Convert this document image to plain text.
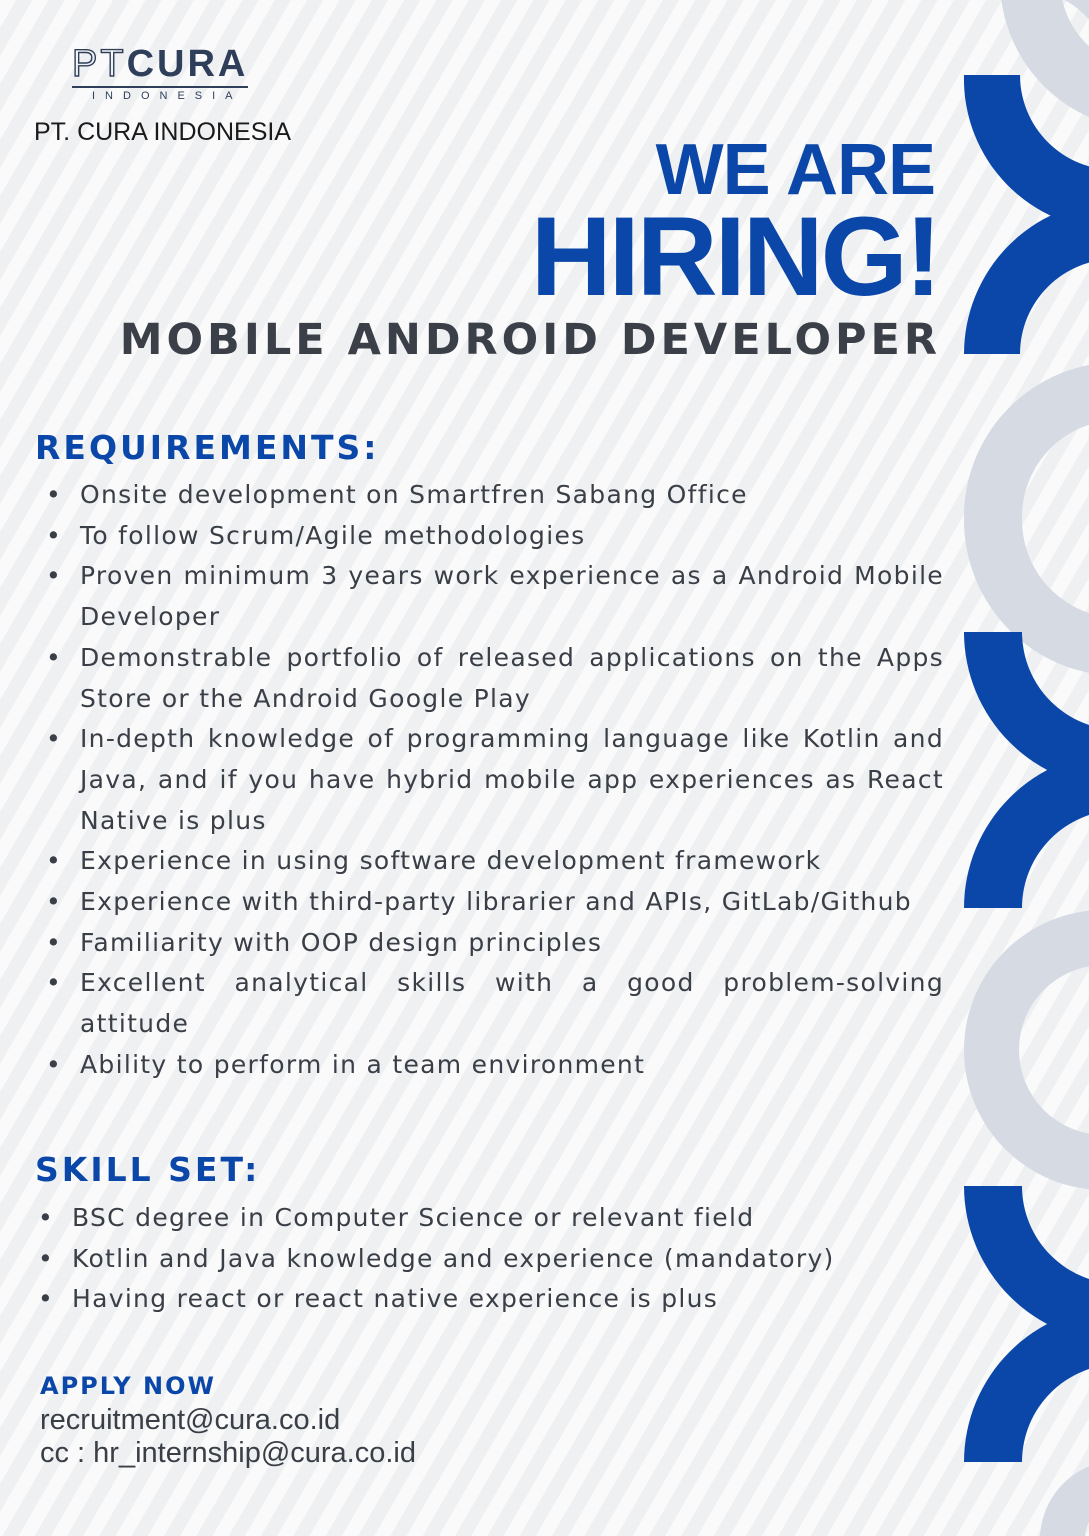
PTCURA
INDONESIA
PT. CURA INDONESIA	WE ARE
HIRING!
MOBILE ANDROID DEVELOPER
REQUIREMENTS:
• Onsite development on Smartfren Sabang Office
• To follow Scrum/Agile methodologies
• Proven minimum 3 years work experience as a Android Mobile Developer
• Demonstrable portfolio of released applications on the Apps Store or the Android Google Play
• In-depth knowledge of programming language like Kotlin and Java, and if you have hybrid mobile app experiences as React Native is plus
• Experience in using software development framework
• Experience with third-party librarier and APIs, GitLab/Github
• Familiarity with OOP design principles
• Excellent analytical skills with a good problem-solving attitude
• Ability to perform in a team environment
SKILL SET:
• BSC degree in Computer Science or relevant field
• Kotlin and Java knowledge and experience (mandatory)
• Having react or react native experience is plus
APPLY NOW
recruitment@cura.co.id
cc : hr_internship@cura.co.id
